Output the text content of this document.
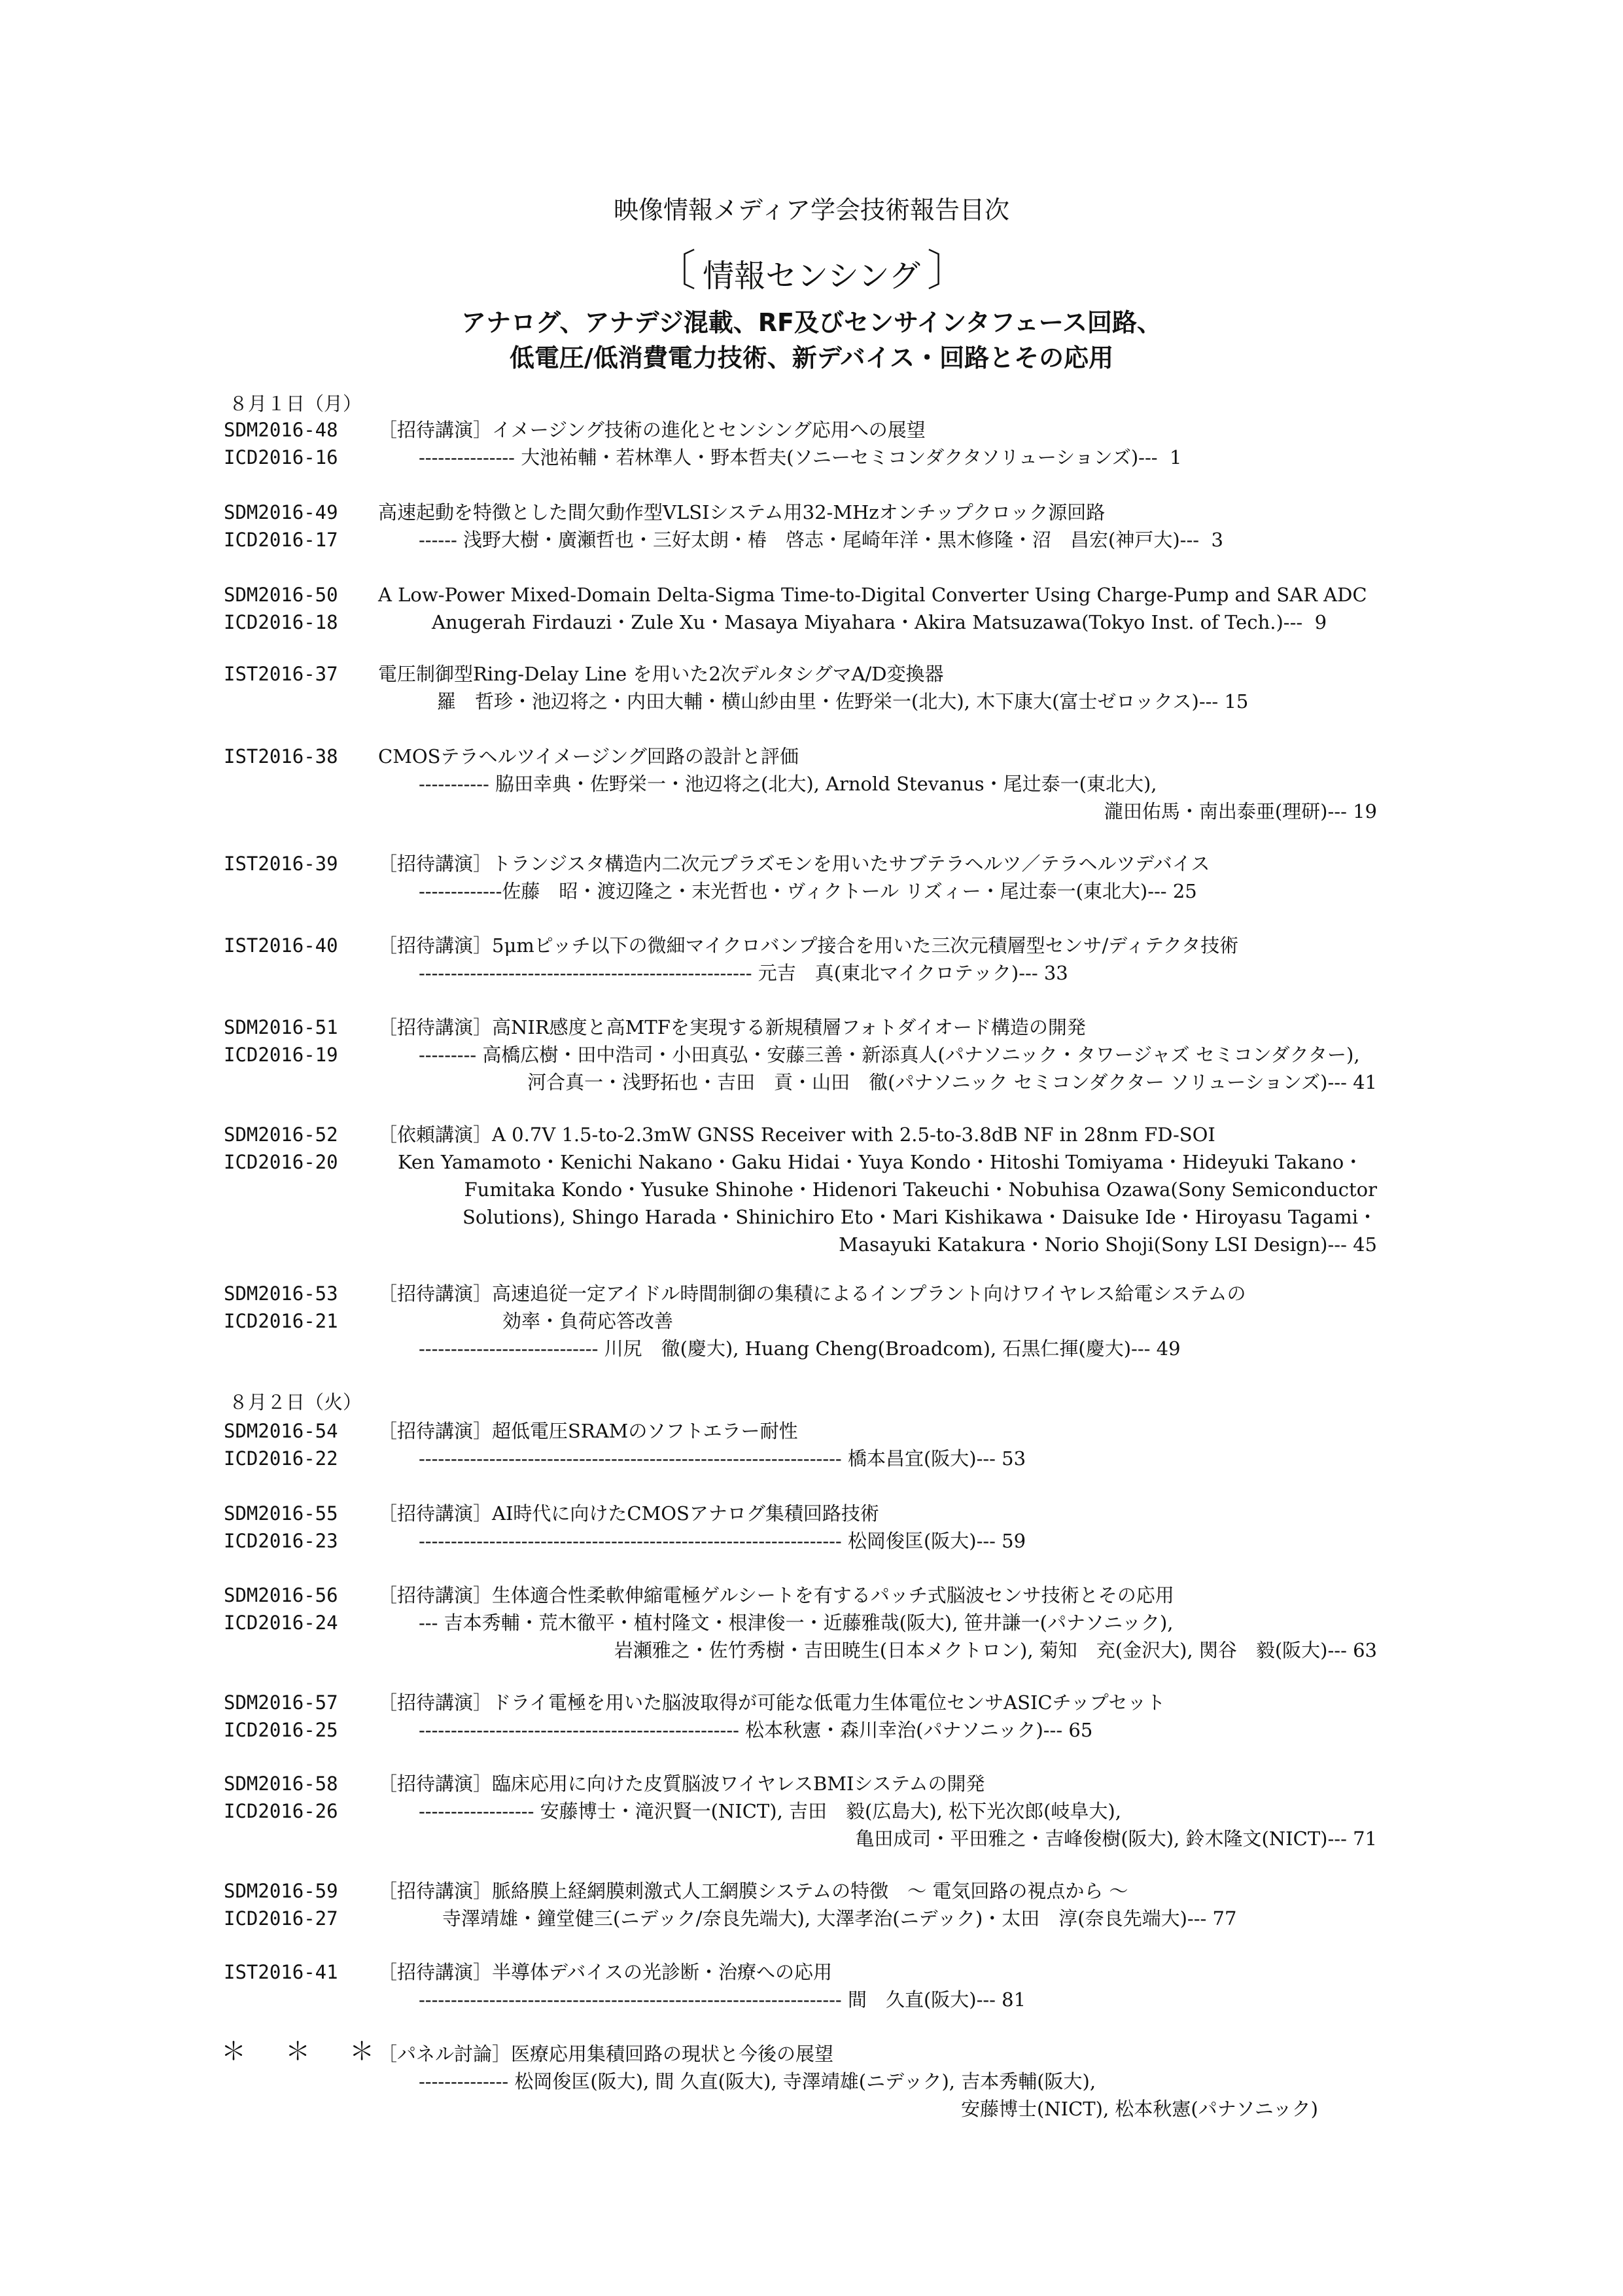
映像情報メディア学会技術報告目次
〔 情報センシング 〕
アナログ、アナデジ混載、RF及びセンサインタフェース回路、
低電圧/低消費電力技術、新デバイス・回路とその応用
８月１日（月）
８月２日（火）
SDM2016-48
ICD2016-16
［招待講演］イメージング技術の進化とセンシング応用への展望
--------------- 大池祐輔・若林準人・野本哲夫(ソニーセミコンダクタソリューションズ)---  1
SDM2016-49
ICD2016-17
高速起動を特徴とした間欠動作型VLSIシステム用32-MHzオンチップクロック源回路
------ 浅野大樹・廣瀬哲也・三好太朗・椿　啓志・尾崎年洋・黒木修隆・沼　昌宏(神戸大)---  3
SDM2016-50
ICD2016-18
A Low-Power Mixed-Domain Delta-Sigma Time-to-Digital Converter Using Charge-Pump and SAR ADC
Anugerah Firdauzi・Zule Xu・Masaya Miyahara・Akira Matsuzawa(Tokyo Inst. of Tech.)---  9
IST2016-37 電圧制御型Ring-Delay Line を用いた2次デルタシグマA/D変換器
羅　哲珍・池辺将之・内田大輔・横山紗由里・佐野栄一(北大), 木下康大(富士ゼロックス)--- 15
IST2016-38 CMOSテラヘルツイメージング回路の設計と評価
----------- 脇田幸典・佐野栄一・池辺将之(北大), Arnold Stevanus・尾辻泰一(東北大),
瀧田佑馬・南出泰亜(理研)--- 19
IST2016-39 ［招待講演］トランジスタ構造内二次元プラズモンを用いたサブテラヘルツ／テラヘルツデバイス
-------------佐藤　昭・渡辺隆之・末光哲也・ヴィクトール リズィー・尾辻泰一(東北大)--- 25
IST2016-40 ［招待講演］5μmピッチ以下の微細マイクロバンプ接合を用いた三次元積層型センサ/ディテクタ技術
---------------------------------------------------- 元吉　真(東北マイクロテック)--- 33
SDM2016-51
ICD2016-19
［招待講演］高NIR感度と高MTFを実現する新規積層フォトダイオード構造の開発
--------- 高橋広樹・田中浩司・小田真弘・安藤三善・新添真人(パナソニック・タワージャズ セミコンダクター),
河合真一・浅野拓也・吉田　貢・山田　徹(パナソニック セミコンダクター ソリューションズ)--- 41
SDM2016-52
ICD2016-20
［依頼講演］A 0.7V 1.5-to-2.3mW GNSS Receiver with 2.5-to-3.8dB NF in 28nm FD-SOI
Ken Yamamoto・Kenichi Nakano・Gaku Hidai・Yuya Kondo・Hitoshi Tomiyama・Hideyuki Takano・
Fumitaka Kondo・Yusuke Shinohe・Hidenori Takeuchi・Nobuhisa Ozawa(Sony Semiconductor
Solutions), Shingo Harada・Shinichiro Eto・Mari Kishikawa・Daisuke Ide・Hiroyasu Tagami・
Masayuki Katakura・Norio Shoji(Sony LSI Design)--- 45
SDM2016-53
ICD2016-21
［招待講演］高速追従一定アイドル時間制御の集積によるインプラント向けワイヤレス給電システムの
効率・負荷応答改善
---------------------------- 川尻　徹(慶大), Huang Cheng(Broadcom), 石黒仁揮(慶大)--- 49
SDM2016-54
ICD2016-22
［招待講演］超低電圧SRAMのソフトエラー耐性
------------------------------------------------------------------ 橋本昌宜(阪大)--- 53
SDM2016-55
ICD2016-23
［招待講演］AI時代に向けたCMOSアナログ集積回路技術
------------------------------------------------------------------ 松岡俊匡(阪大)--- 59
SDM2016-56
ICD2016-24
［招待講演］生体適合性柔軟伸縮電極ゲルシートを有するパッチ式脳波センサ技術とその応用
--- 吉本秀輔・荒木徹平・植村隆文・根津俊一・近藤雅哉(阪大), 笹井謙一(パナソニック),
岩瀬雅之・佐竹秀樹・吉田暁生(日本メクトロン), 菊知　充(金沢大), 関谷　毅(阪大)--- 63
SDM2016-57
ICD2016-25
［招待講演］ドライ電極を用いた脳波取得が可能な低電力生体電位センサASICチップセット
-------------------------------------------------- 松本秋憲・森川幸治(パナソニック)--- 65
SDM2016-58
ICD2016-26
［招待講演］臨床応用に向けた皮質脳波ワイヤレスBMIシステムの開発
------------------ 安藤博士・滝沢賢一(NICT), 吉田　毅(広島大), 松下光次郎(岐阜大),
亀田成司・平田雅之・吉峰俊樹(阪大), 鈴木隆文(NICT)--- 71
SDM2016-59
ICD2016-27
［招待講演］脈絡膜上経網膜刺激式人工網膜システムの特徴　～ 電気回路の視点から ～
寺澤靖雄・鐘堂健三(ニデック/奈良先端大), 大澤孝治(ニデック)・太田　淳(奈良先端大)--- 77
IST2016-41 ［招待講演］半導体デバイスの光診断・治療への応用
------------------------------------------------------------------ 間　久直(阪大)--- 81
＊ ＊ ＊
［パネル討論］医療応用集積回路の現状と今後の展望
-------------- 松岡俊匡(阪大), 間 久直(阪大), 寺澤靖雄(ニデック), 吉本秀輔(阪大),
安藤博士(NICT), 松本秋憲(パナソニック)
